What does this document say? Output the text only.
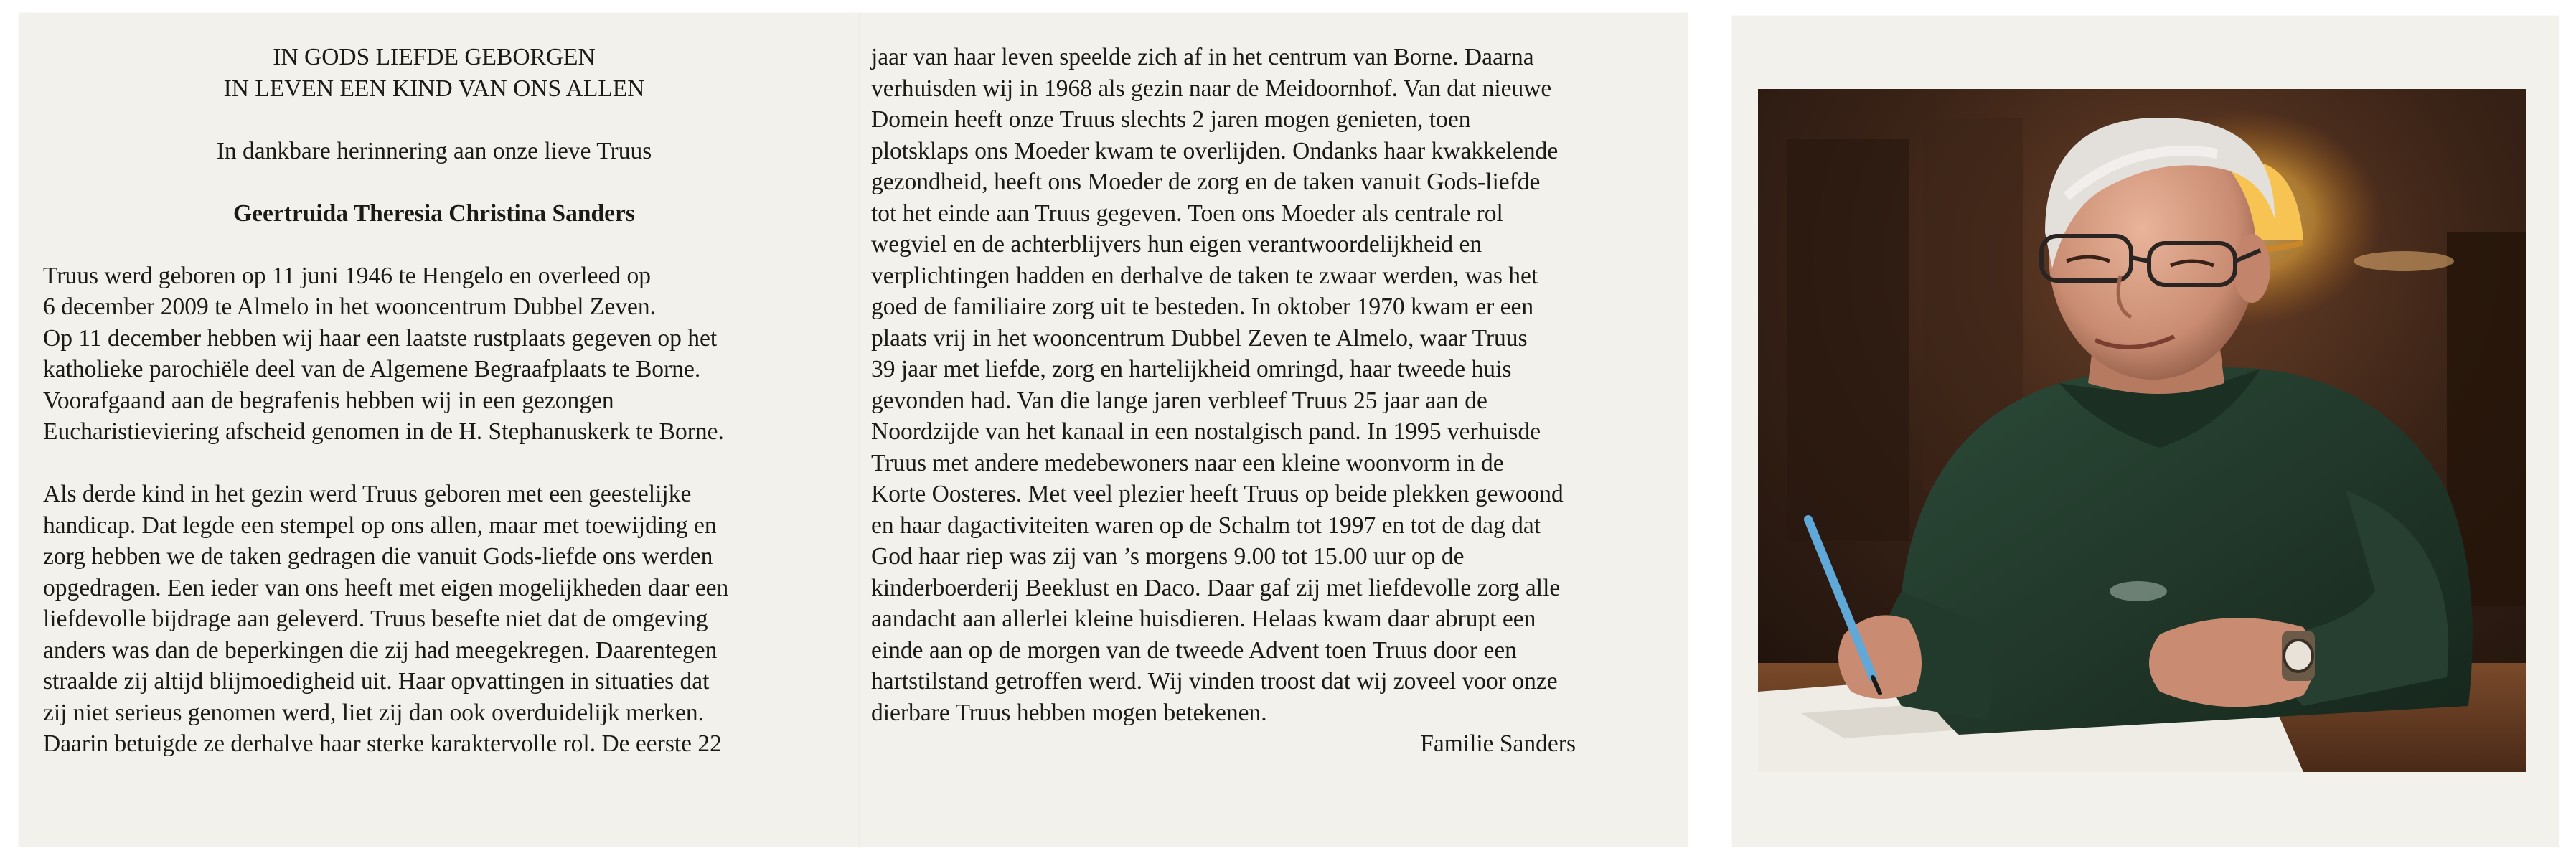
IN GODS LIEFDE GEBORGEN
IN LEVEN EEN KIND VAN ONS ALLEN
In dankbare herinnering aan onze lieve Truus
Geertruida Theresia Christina Sanders
Truus werd geboren op 11 juni 1946 te Hengelo en overleed op
6 december 2009 te Almelo in het wooncentrum Dubbel Zeven.
Op 11 december hebben wij haar een laatste rustplaats gegeven op het
katholieke parochiële deel van de Algemene Begraafplaats te Borne.
Voorafgaand aan de begrafenis hebben wij in een gezongen
Eucharistieviering afscheid genomen in de H. Stephanuskerk te Borne.
Als derde kind in het gezin werd Truus geboren met een geestelijke
handicap. Dat legde een stempel op ons allen, maar met toewijding en
zorg hebben we de taken gedragen die vanuit Gods-liefde ons werden
opgedragen. Een ieder van ons heeft met eigen mogelijkheden daar een
liefdevolle bijdrage aan geleverd. Truus besefte niet dat de omgeving
anders was dan de beperkingen die zij had meegekregen. Daarentegen
straalde zij altijd blijmoedigheid uit. Haar opvattingen in situaties dat
zij niet serieus genomen werd, liet zij dan ook overduidelijk merken.
Daarin betuigde ze derhalve haar sterke karaktervolle rol. De eerste 22
jaar van haar leven speelde zich af in het centrum van Borne. Daarna
verhuisden wij in 1968 als gezin naar de Meidoornhof. Van dat nieuwe
Domein heeft onze Truus slechts 2 jaren mogen genieten, toen
plotsklaps ons Moeder kwam te overlijden. Ondanks haar kwakkelende
gezondheid, heeft ons Moeder de zorg en de taken vanuit Gods-liefde
tot het einde aan Truus gegeven. Toen ons Moeder als centrale rol
wegviel en de achterblijvers hun eigen verantwoordelijkheid en
verplichtingen hadden en derhalve de taken te zwaar werden, was het
goed de familiaire zorg uit te besteden. In oktober 1970 kwam er een
plaats vrij in het wooncentrum Dubbel Zeven te Almelo, waar Truus
39 jaar met liefde, zorg en hartelijkheid omringd, haar tweede huis
gevonden had. Van die lange jaren verbleef Truus 25 jaar aan de
Noordzijde van het kanaal in een nostalgisch pand. In 1995 verhuisde
Truus met andere medebewoners naar een kleine woonvorm in de
Korte Oosteres. Met veel plezier heeft Truus op beide plekken gewoond
en haar dagactiviteiten waren op de Schalm tot 1997 en tot de dag dat
God haar riep was zij van ’s morgens 9.00 tot 15.00 uur op de
kinderboerderij Beeklust en Daco. Daar gaf zij met liefdevolle zorg alle
aandacht aan allerlei kleine huisdieren. Helaas kwam daar abrupt een
einde aan op de morgen van de tweede Advent toen Truus door een
hartstilstand getroffen werd. Wij vinden troost dat wij zoveel voor onze
dierbare Truus hebben mogen betekenen.
Familie Sanders
